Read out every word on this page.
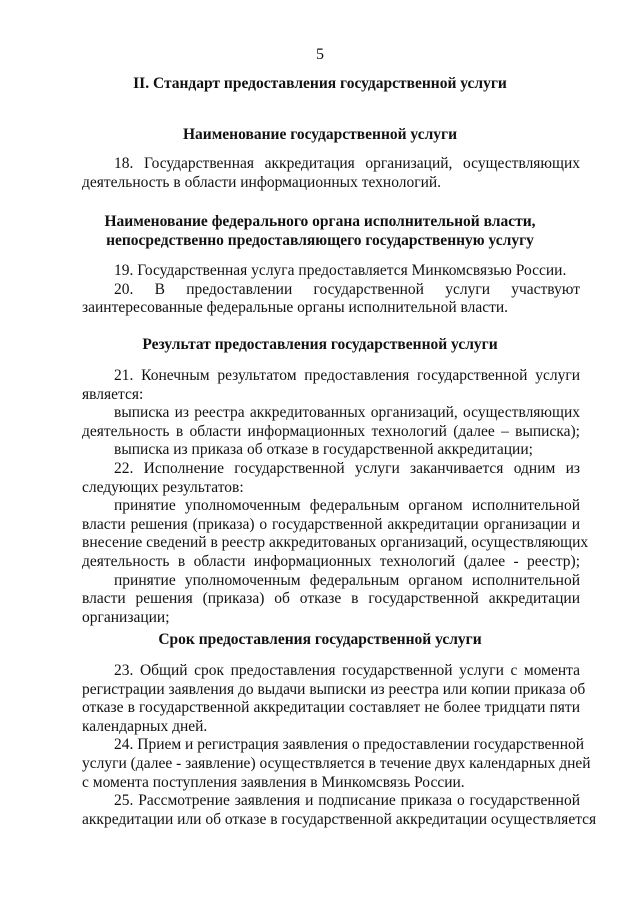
5
II. Стандарт предоставления государственной услуги
Наименование государственной услуги
18. Государственная аккредитация организаций, осуществляющих
деятельность в области информационных технологий.
Наименование федерального органа исполнительной власти,
непосредственно предоставляющего государственную услугу
19. Государственная услуга предоставляется Минкомсвязью России.
20. В предоставлении государственной услуги участвуют
заинтересованные федеральные органы исполнительной власти.
Результат предоставления государственной услуги
21. Конечным результатом предоставления государственной услуги
является:
выписка из реестра аккредитованных организаций, осуществляющих
деятельность в области информационных технологий (далее – выписка);
выписка из приказа об отказе в государственной аккредитации;
22. Исполнение государственной услуги заканчивается одним из
следующих результатов:
принятие уполномоченным федеральным органом исполнительной
власти решения (приказа) о государственной аккредитации организации и
внесение сведений в реестр аккредитованых организаций, осуществляющих
деятельность в области информационных технологий (далее - реестр);
принятие уполномоченным федеральным органом исполнительной
власти решения (приказа) об отказе в государственной аккредитации
организации;
Срок предоставления государственной услуги
23. Общий срок предоставления государственной услуги с момента
регистрации заявления до выдачи выписки из реестра или копии приказа об
отказе в государственной аккредитации составляет не более тридцати пяти
календарных дней.
24. Прием и регистрация заявления о предоставлении государственной
услуги (далее - заявление) осуществляется в течение двух календарных дней
с момента поступления заявления в Минкомсвязь России.
25. Рассмотрение заявления и подписание приказа о государственной
аккредитации или об отказе в государственной аккредитации осуществляется
